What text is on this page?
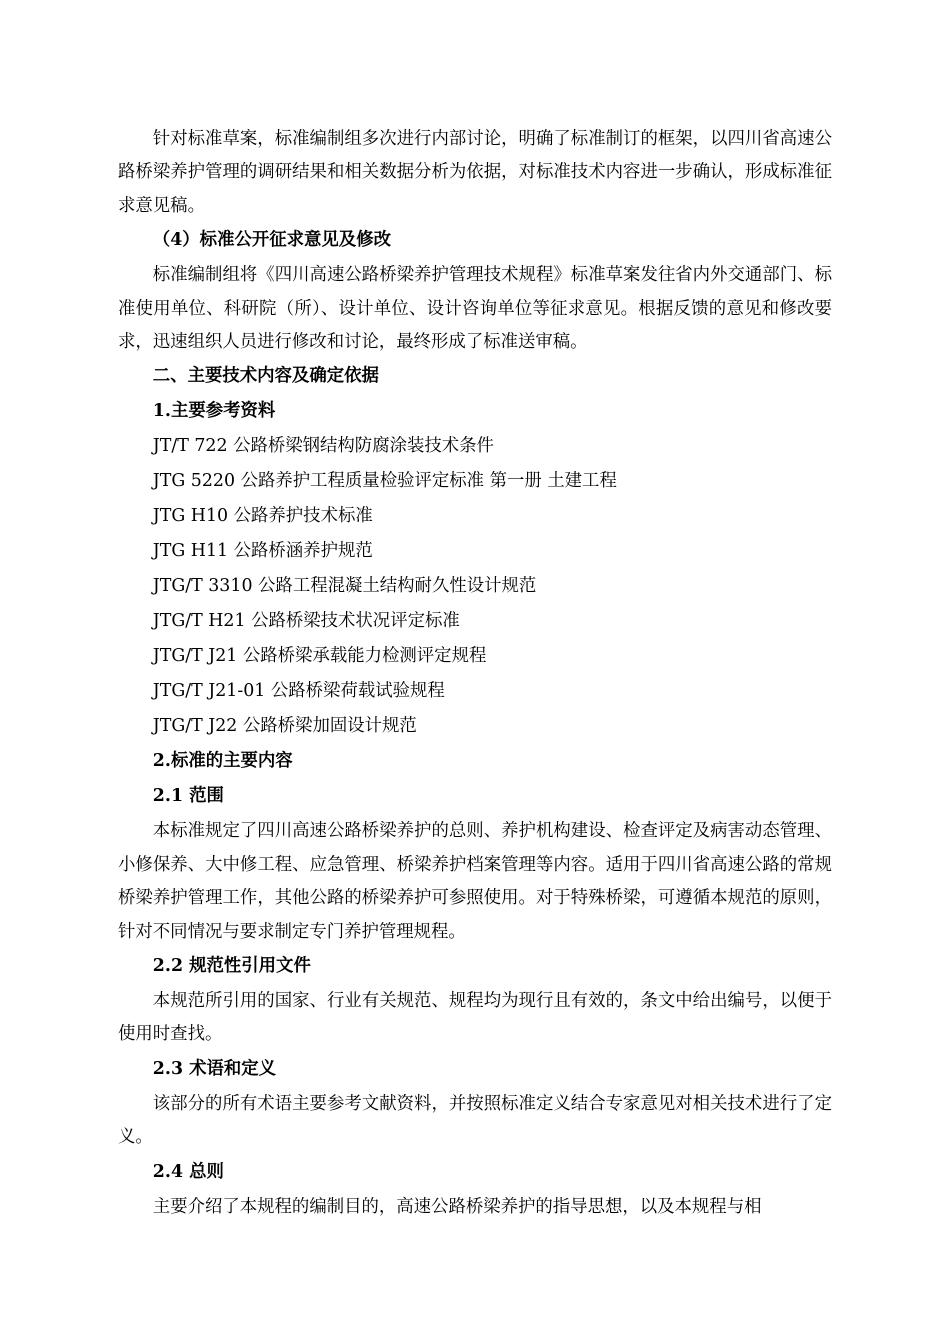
针对标准草案，标准编制组多次进行内部讨论，明确了标准制订的框架，以四川省高速公路桥梁养护管理的调研结果和相关数据分析为依据，对标准技术内容进一步确认，形成标准征求意见稿。

（4）标准公开征求意见及修改

标准编制组将《四川高速公路桥梁养护管理技术规程》标准草案发往省内外交通部门、标准使用单位、科研院（所）、设计单位、设计咨询单位等征求意见。根据反馈的意见和修改要求，迅速组织人员进行修改和讨论，最终形成了标准送审稿。

二、主要技术内容及确定依据

1.主要参考资料

JT/T 722 公路桥梁钢结构防腐涂装技术条件

JTG 5220 公路养护工程质量检验评定标准 第一册 土建工程

JTG H10 公路养护技术标准

JTG H11 公路桥涵养护规范

JTG/T 3310 公路工程混凝土结构耐久性设计规范

JTG/T H21 公路桥梁技术状况评定标准

JTG/T J21 公路桥梁承载能力检测评定规程

JTG/T J21-01 公路桥梁荷载试验规程

JTG/T J22 公路桥梁加固设计规范

2.标准的主要内容

2.1 范围

本标准规定了四川高速公路桥梁养护的总则、养护机构建设、检查评定及病害动态管理、小修保养、大中修工程、应急管理、桥梁养护档案管理等内容。适用于四川省高速公路的常规桥梁养护管理工作，其他公路的桥梁养护可参照使用。对于特殊桥梁，可遵循本规范的原则，针对不同情况与要求制定专门养护管理规程。

2.2 规范性引用文件

本规范所引用的国家、行业有关规范、规程均为现行且有效的，条文中给出编号，以便于使用时查找。

2.3 术语和定义

该部分的所有术语主要参考文献资料，并按照标准定义结合专家意见对相关技术进行了定义。

2.4 总则

主要介绍了本规程的编制目的，高速公路桥梁养护的指导思想，以及本规程与相
